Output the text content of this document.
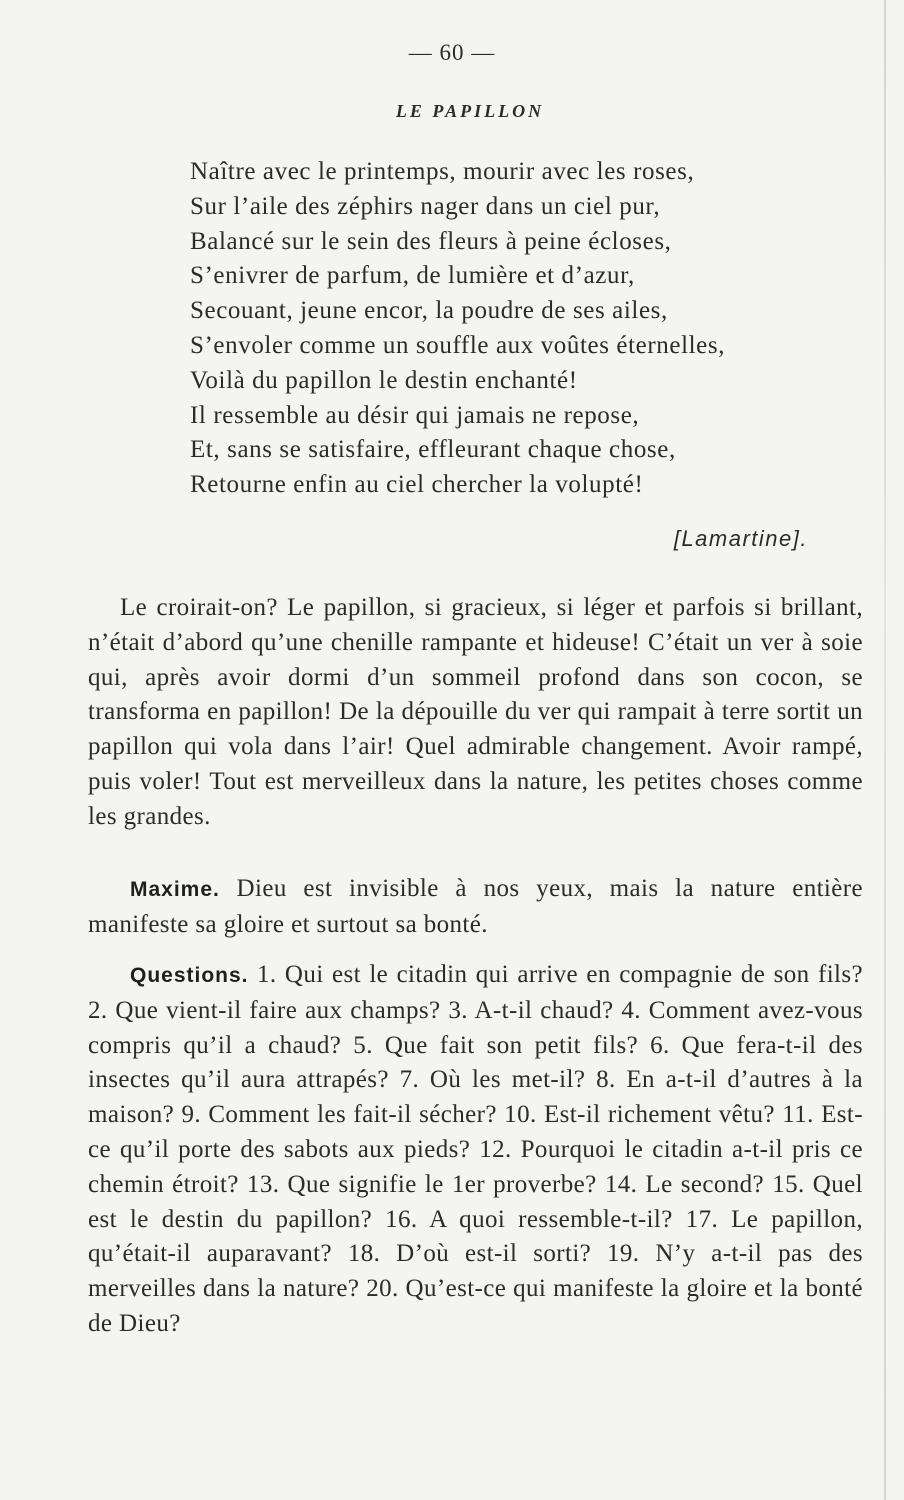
— 60 —
LE PAPILLON
Naître avec le printemps, mourir avec les roses,
Sur l’aile des zéphirs nager dans un ciel pur,
Balancé sur le sein des fleurs à peine écloses,
S’enivrer de parfum, de lumière et d’azur,
Secouant, jeune encor, la poudre de ses ailes,
S’envoler comme un souffle aux voûtes éternelles,
Voilà du papillon le destin enchanté!
Il ressemble au désir qui jamais ne repose,
Et, sans se satisfaire, effleurant chaque chose,
Retourne enfin au ciel chercher la volupté!
[Lamartine].

Le croirait-on? Le papillon, si gracieux, si léger et parfois si brillant, n’était d’abord qu’une chenille rampante et hideuse! C’était un ver à soie qui, après avoir dormi d’un sommeil profond dans son cocon, se transforma en papillon! De la dépouille du ver qui rampait à terre sortit un papillon qui vola dans l’air! Quel admirable changement. Avoir rampé, puis voler! Tout est merveilleux dans la nature, les petites choses comme les grandes.

Maxime. Dieu est invisible à nos yeux, mais la nature entière manifeste sa gloire et surtout sa bonté.

Questions. 1. Qui est le citadin qui arrive en compagnie de son fils? 2. Que vient-il faire aux champs? 3. A-t-il chaud? 4. Comment avez-vous compris qu’il a chaud? 5. Que fait son petit fils? 6. Que fera-t-il des insectes qu’il aura attrapés? 7. Où les met-il? 8. En a-t-il d’autres à la maison? 9. Comment les fait-il sécher? 10. Est-il richement vêtu? 11. Est-ce qu’il porte des sabots aux pieds? 12. Pourquoi le citadin a-t-il pris ce chemin étroit? 13. Que signifie le 1er proverbe? 14. Le second? 15. Quel est le destin du papillon? 16. A quoi ressemble-t-il? 17. Le papillon, qu’était-il auparavant? 18. D’où est-il sorti? 19. N’y a-t-il pas des merveilles dans la nature? 20. Qu’est-ce qui manifeste la gloire et la bonté de Dieu?
